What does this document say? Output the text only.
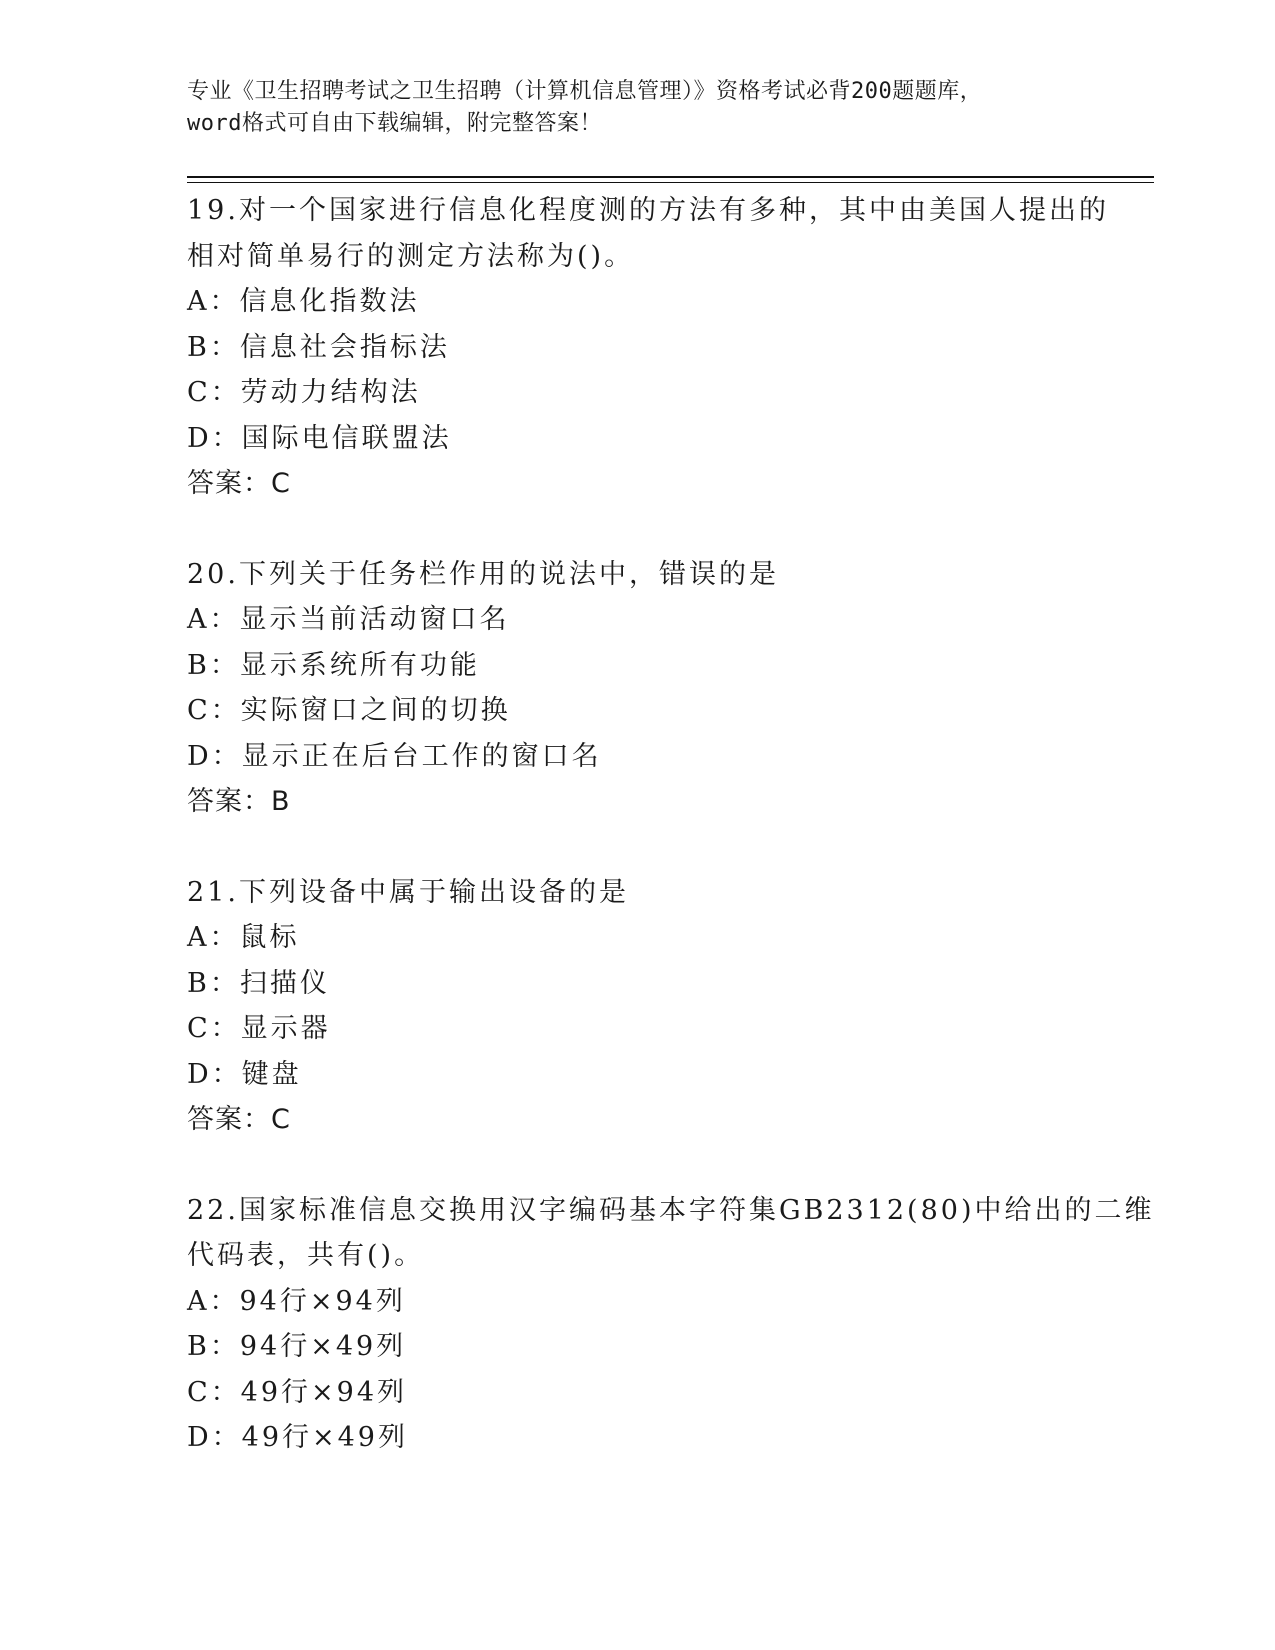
专业《卫生招聘考试之卫生招聘（计算机信息管理）》资格考试必背200题题库，
word格式可自由下载编辑，附完整答案！
19.对一个国家进行信息化程度测的方法有多种，其中由美国人提出的
相对简单易行的测定方法称为()。
A：信息化指数法
B：信息社会指标法
C：劳动力结构法
D：国际电信联盟法
答案：C
20.下列关于任务栏作用的说法中，错误的是
A：显示当前活动窗口名
B：显示系统所有功能
C：实际窗口之间的切换
D：显示正在后台工作的窗口名
答案：B
21.下列设备中属于输出设备的是
A：鼠标
B：扫描仪
C：显示器
D：键盘
答案：C
22.国家标准信息交换用汉字编码基本字符集GB2312(80)中给出的二维
代码表，共有()。
A：94行×94列
B：94行×49列
C：49行×94列
D：49行×49列
